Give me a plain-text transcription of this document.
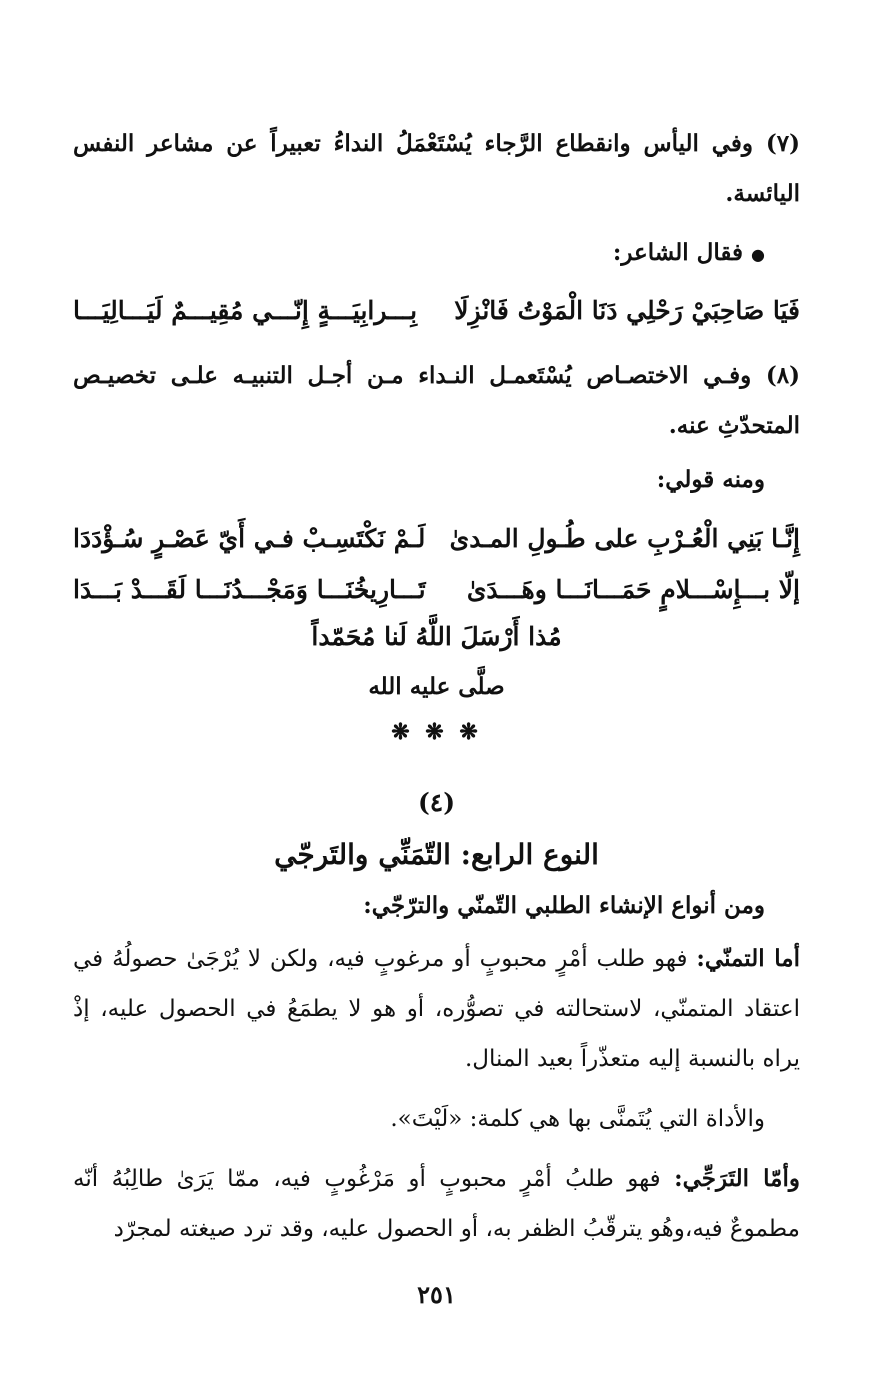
(٧) وفي اليأس وانقطاع الرَّجاء يُسْتَعْمَلُ النداءُ تعبيراً عن مشاعر النفس اليائسة.
● فقال الشاعر:
فَيَا صَاحِبَيْ رَحْلِي دَنَا الْمَوْتُ فَانْزِلَا
بِـــرابِيَـــةٍ إِنّـــي مُقِيـــمٌ لَيَـــالِيَـــا
(٨) وفـي الاختصـاص يُسْتَعمـل النـداء مـن أجـل التنبيـه علـى تخصيـص المتحدّثِ عنه.
ومنه قولي:
إِنَّـا بَنِي الْعُـرْبِ على طُـولِ المـدىٰ
لَـمْ نَكْتَسِـبْ فـي أَيّ عَصْـرٍ سُـؤْدَدَا
إلّا بـــإِسْـــلامٍ حَمَـــانَـــا وهَـــدَىٰ
تَـــارِيخُنَـــا وَمَجْـــدُنَـــا لَقَـــدْ بَـــدَا
مُذا أَرْسَلَ اللَّهُ لَنا مُحَمّداً
صلَّى عليه الله
❋ ❋ ❋
(٤)
النوع الرابع: التّمَنِّي والتَرجّي
ومن أنواع الإنشاء الطلبي التّمنّي والترّجّي:
أما التمنّي: فهو طلب أمْرٍ محبوبٍ أو مرغوبٍ فيه، ولكن لا يُرْجَىٰ حصولُهُ في اعتقاد المتمنّي، لاستحالته في تصوُّره، أو هو لا يطمَعُ في الحصول عليه، إذْ يراه بالنسبة إليه متعذّراً بعيد المنال.
والأداة التي يُتَمنَّى بها هي كلمة: «لَيْتَ».
وأمّا التَرَجِّي: فهو طلبُ أمْرٍ محبوبٍ أو مَرْغُوبٍ فيه، ممّا يَرَىٰ طالِبُهُ أنّه مطموعٌ فيه،وهُو يترقّبُ الظفر به، أو الحصول عليه، وقد ترد صيغته لمجرّد
٢٥١
